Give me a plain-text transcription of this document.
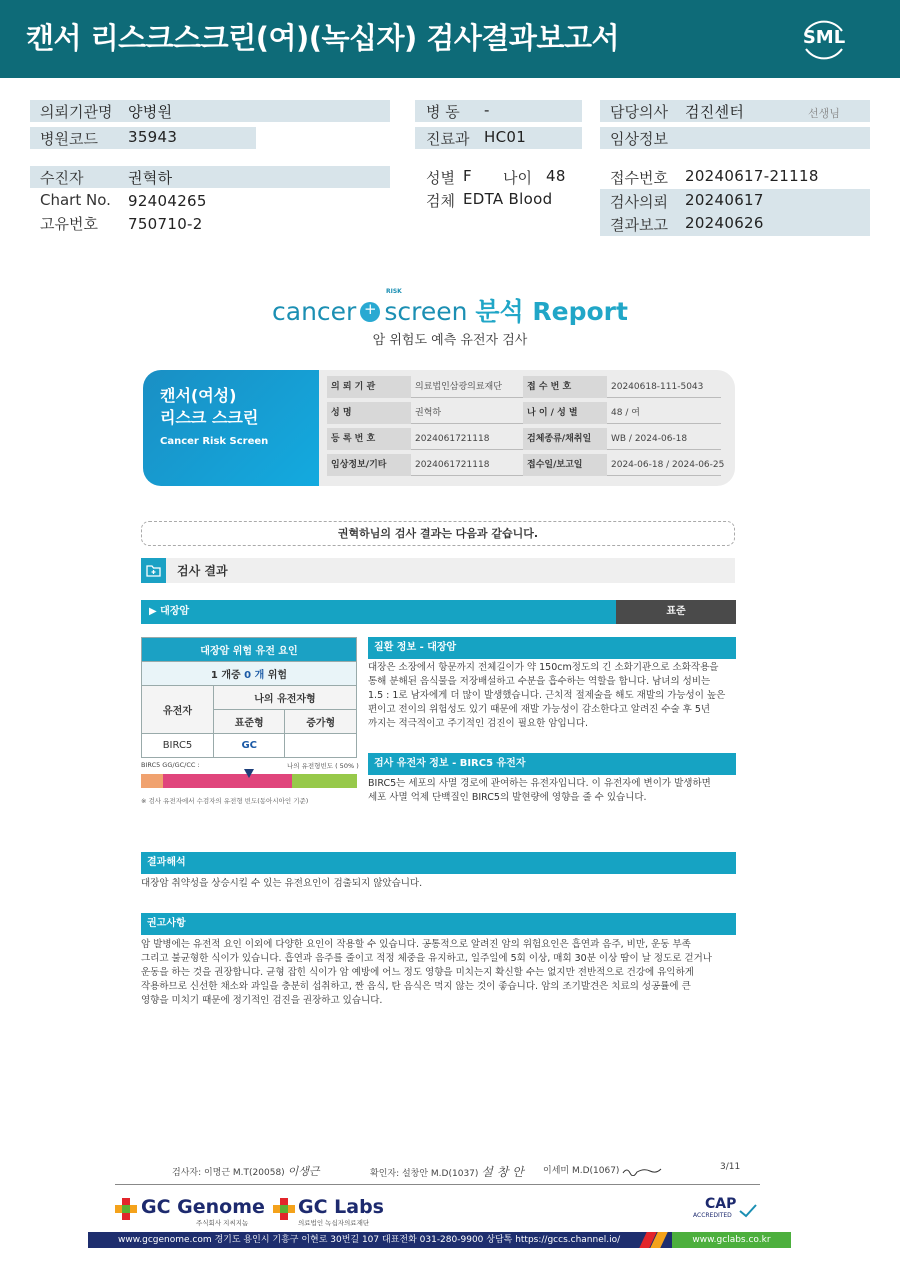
캔서 리스크스크린(여)(녹십자) 검사결과보고서	SML
의뢰기관명 양병원
병원코드 35943
병 동 -
진료과 HC01
담당의사 검진센터	선생님
임상정보
수진자	권혁하
Chart No. 92404265
고유번호 750710-2
성별 F 나이 48
검체 EDTA Blood
접수번호 20240617-21118
검사의뢰 20240617
결과보고 20240626
cancer + screen 분석 Report
RISK
암 위험도 예측 유전자 검사
캔서(여성)
리스크 스크린
Cancer Risk Screen
의 뢰 기 관	의료법인삼광의료재단	접 수 번 호	20240618-111-5043
성 명	권혁하	나 이 / 성 별	48 / 여
등 록 번 호	2024061721118	검체종류/채취일	WB / 2024-06-18
임상정보/기타	2024061721118	접수일/보고일	2024-06-18 / 2024-06-25
권혁하님의 검사 결과는 다음과 같습니다.
검사 결과
▶ 대장암	표준
대장암 위험 유전 요인		
1 개중 0 개 위험		
유전자	나의 유전자형	
	표준형	증가형
BIRC5	GC	
BIRC5 GG/GC/CC :	나의 유전형빈도 ( 50% )
※ 검사 유전자에서 수검자의 유전형 빈도(동아시아인 기준)
질환 정보 - 대장암
대장은 소장에서 항문까지 전체길이가 약 150cm정도의 긴 소화기관으로 소화작용을
통해 분해된 음식물을 저장배설하고 수분을 흡수하는 역할을 합니다. 남녀의 성비는
1.5 : 1로 남자에게 더 많이 발생했습니다. 근치적 절제술을 해도 재발의 가능성이 높은
편이고 전이의 위험성도 있기 때문에 재발 가능성이 감소한다고 알려진 수술 후 5년
까지는 적극적이고 주기적인 검진이 필요한 암입니다.
검사 유전자 정보 - BIRC5 유전자
BIRC5는 세포의 사멸 경로에 관여하는 유전자입니다. 이 유전자에 변이가 발생하면
세포 사멸 억제 단백질인 BIRC5의 발현량에 영향을 줄 수 있습니다.
결과해석
대장암 취약성을 상승시킬 수 있는 유전요인이 검출되지 않았습니다.
권고사항
암 발병에는 유전적 요인 이외에 다양한 요인이 작용할 수 있습니다. 공통적으로 알려진 암의 위험요인은 흡연과 음주, 비만, 운동 부족
그리고 불균형한 식이가 있습니다. 흡연과 음주를 줄이고 적정 체중을 유지하고, 일주일에 5회 이상, 매회 30분 이상 땀이 날 정도로 걷거나
운동을 하는 것을 권장합니다. 균형 잡힌 식이가 암 예방에 어느 정도 영향을 미치는지 확신할 수는 없지만 전반적으로 건강에 유익하게
작용하므로 신선한 채소와 과일을 충분히 섭취하고, 짠 음식, 탄 음식은 먹지 않는 것이 좋습니다. 암의 조기발견은 치료의 성공률에 큰
영향을 미치기 때문에 정기적인 검진을 권장하고 있습니다.
검사자: 이명근 M.T(20058) 이생근	확인자: 설창안 M.D(1037) 설 창 안 이세미 M.D(1067)	3/11
GC Genome
주식회사 지씨지놈
GC Labs
의료법인 녹십자의료재단
CAP
ACCREDITED
www.gcgenome.com 경기도 용인시 기흥구 이현로 30번길 107 대표전화 031-280-9900 상담톡 https://gccs.channel.io/	www.gclabs.co.kr
